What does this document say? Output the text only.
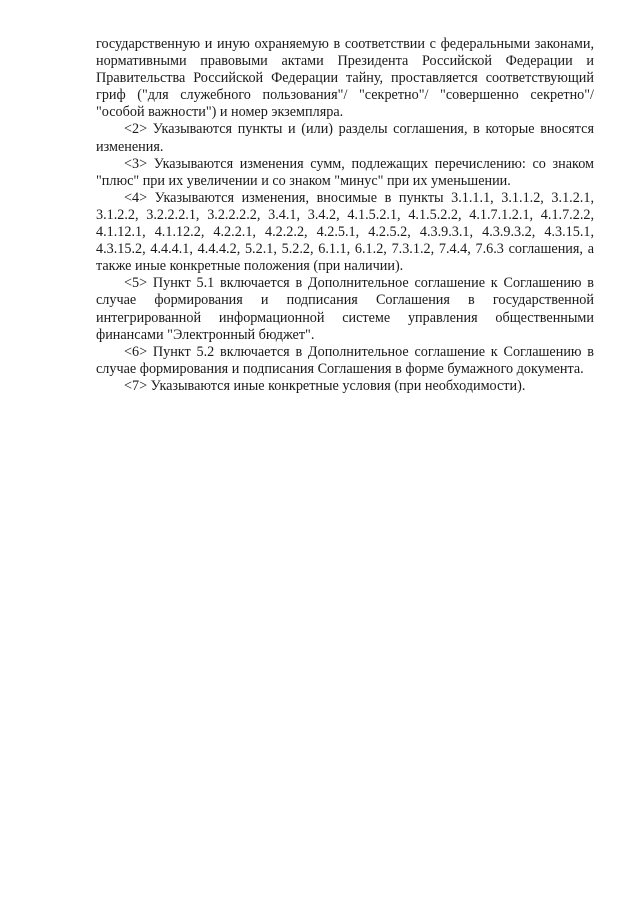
государственную и иную охраняемую в соответствии с федеральными законами, нормативными правовыми актами Президента Российской Федерации и Правительства Российской Федерации тайну, проставляется соответствующий гриф ("для служебного пользования"/ "секретно"/ "совершенно секретно"/ "особой важности") и номер экземпляра.

<2> Указываются пункты и (или) разделы соглашения, в которые вносятся изменения.

<3> Указываются изменения сумм, подлежащих перечислению: со знаком "плюс" при их увеличении и со знаком "минус" при их уменьшении.

<4> Указываются изменения, вносимые в пункты 3.1.1.1, 3.1.1.2, 3.1.2.1, 3.1.2.2, 3.2.2.2.1, 3.2.2.2.2, 3.4.1, 3.4.2, 4.1.5.2.1, 4.1.5.2.2, 4.1.7.1.2.1, 4.1.7.2.2, 4.1.12.1, 4.1.12.2, 4.2.2.1, 4.2.2.2, 4.2.5.1, 4.2.5.2, 4.3.9.3.1, 4.3.9.3.2, 4.3.15.1, 4.3.15.2, 4.4.4.1, 4.4.4.2, 5.2.1, 5.2.2, 6.1.1, 6.1.2, 7.3.1.2, 7.4.4, 7.6.3 соглашения, а также иные конкретные положения (при наличии).

<5> Пункт 5.1 включается в Дополнительное соглашение к Соглашению в случае формирования и подписания Соглашения в государственной интегрированной информационной системе управления общественными финансами "Электронный бюджет".

<6> Пункт 5.2 включается в Дополнительное соглашение к Соглашению в случае формирования и подписания Соглашения в форме бумажного документа.

<7> Указываются иные конкретные условия (при необходимости).
